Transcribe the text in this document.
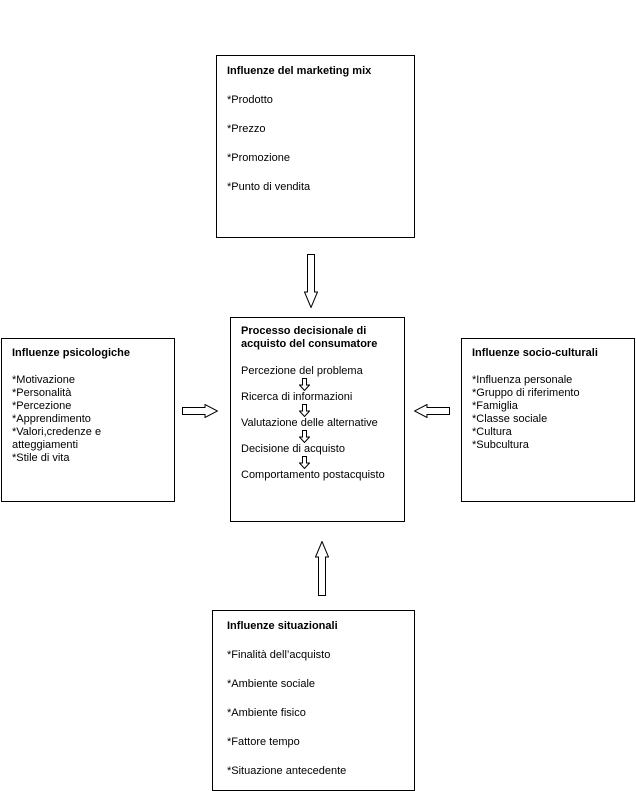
Influenze del marketing mix
*Prodotto
*Prezzo
*Promozione
*Punto di vendita
Influenze psicologiche
*Motivazione
*Personalità
*Percezione
*Apprendimento
*Valori,credenze e atteggiamenti
*Stile di vita
Processo decisionale di acquisto del consumatore
Percezione del problema
Ricerca di informazioni
Valutazione delle alternative
Decisione di acquisto
Comportamento postacquisto
Influenze socio-culturali
*Influenza personale
*Gruppo di riferimento
*Famiglia
*Classe sociale
*Cultura
*Subcultura
Influenze situazionali
*Finalità dell’acquisto
*Ambiente sociale
*Ambiente fisico
*Fattore tempo
*Situazione antecedente
